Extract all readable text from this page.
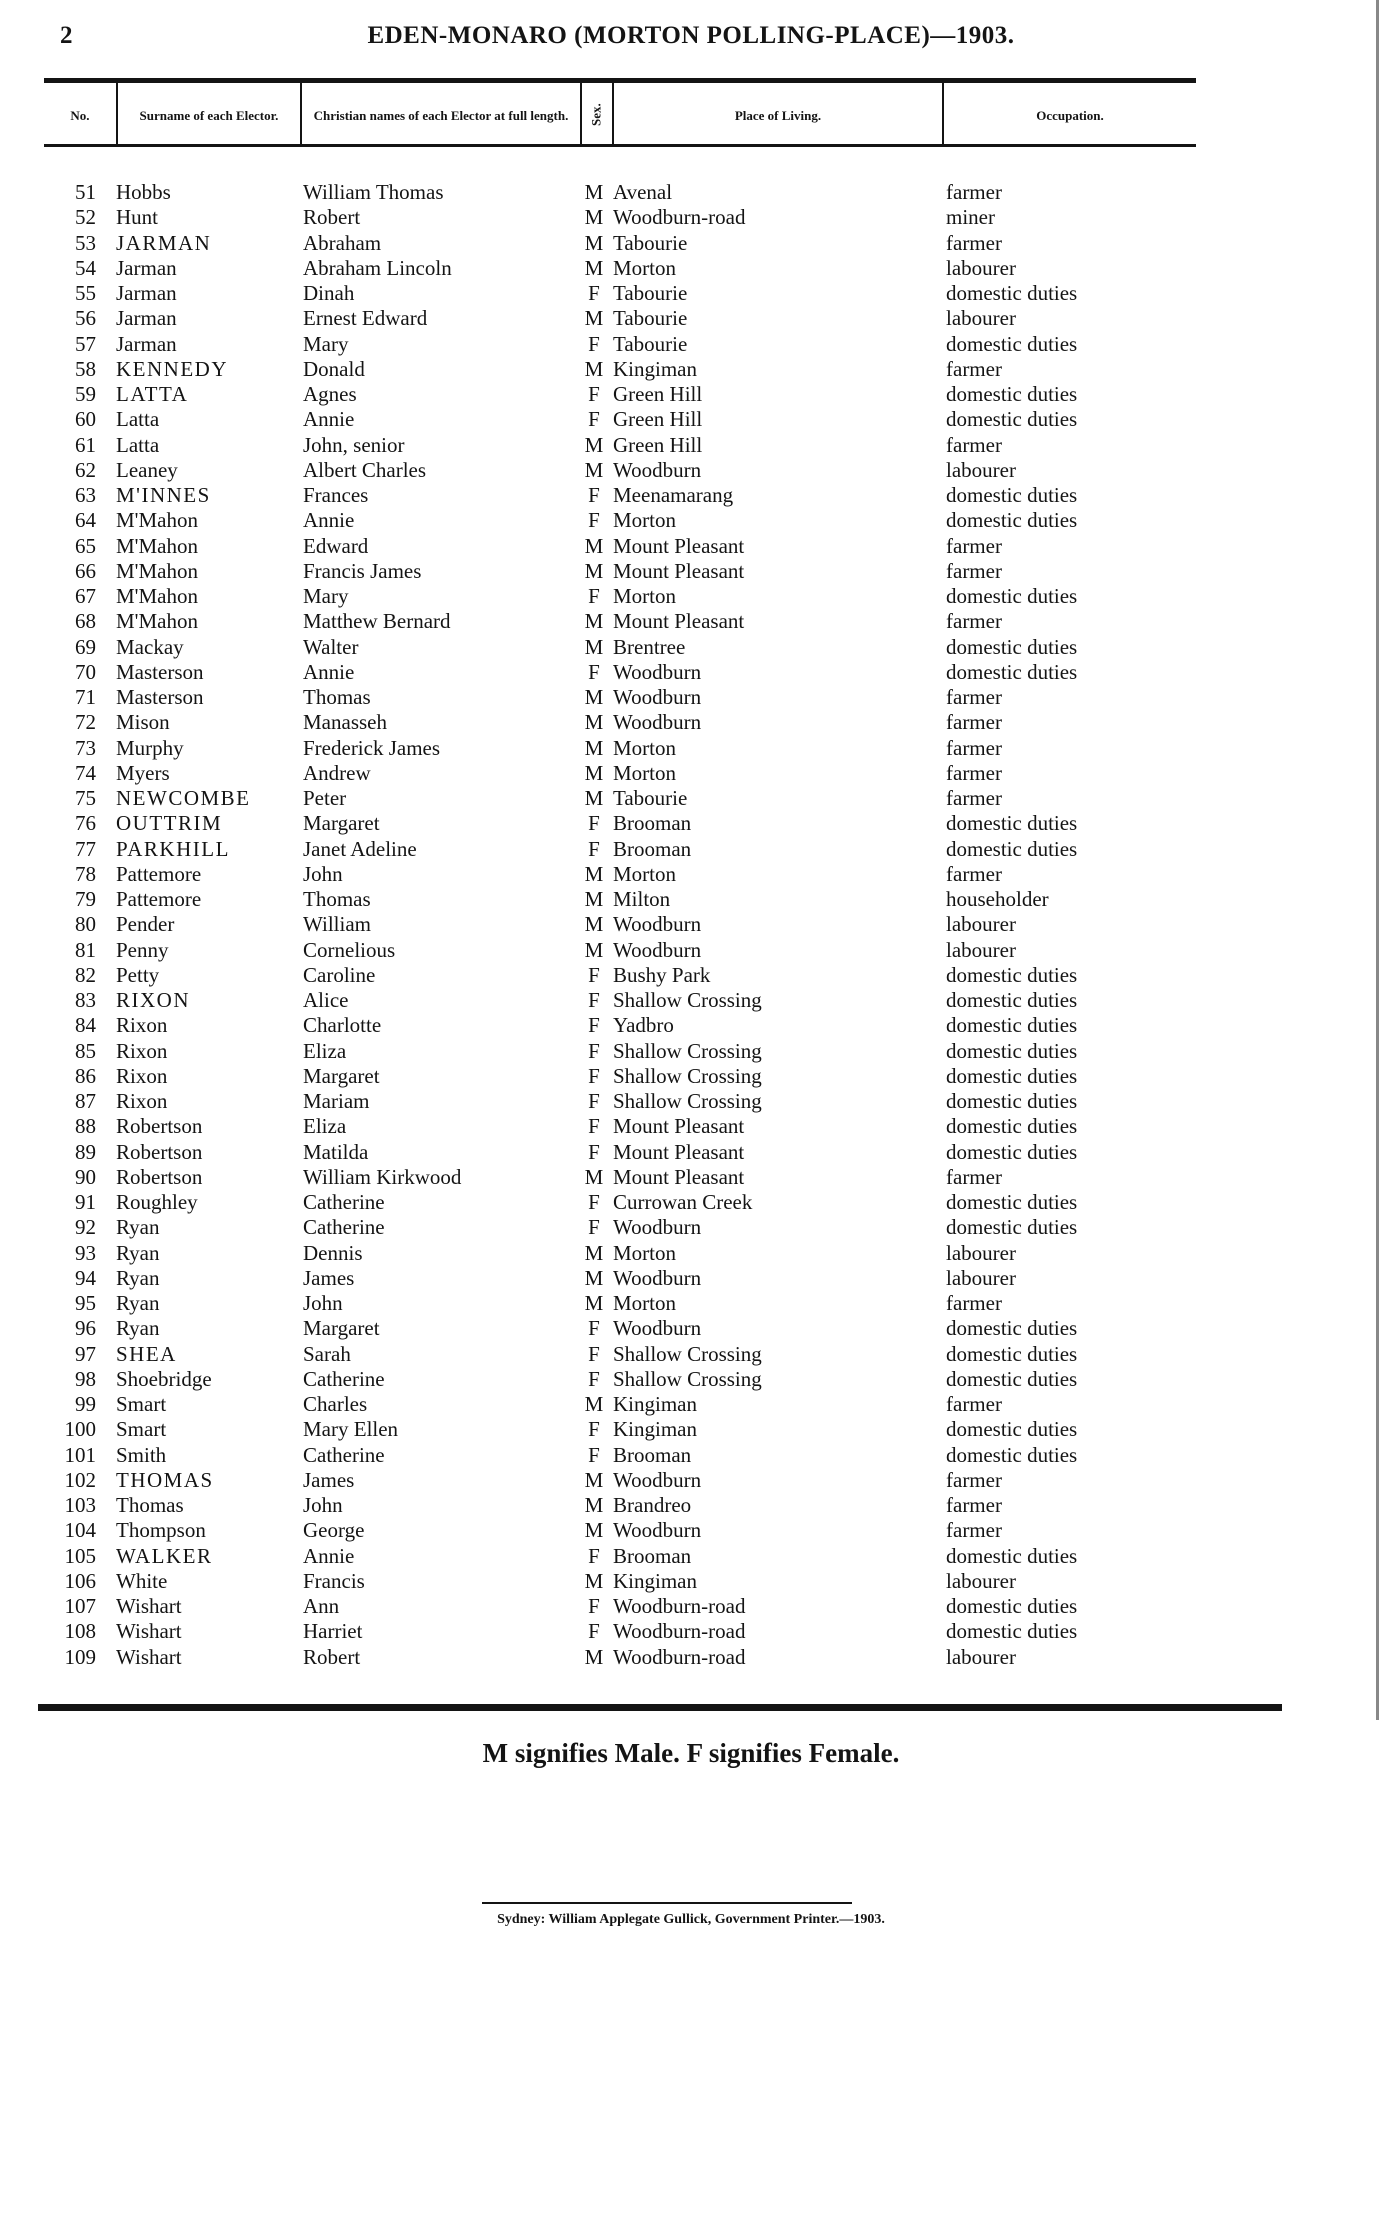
2	EDEN-MONARO (MORTON POLLING-PLACE)—1903.
No.	Surname of each Elector.	Christian names of each Elector at full length.	Sex.	Place of Living.	Occupation.
51 Hobbs	William Thomas	M Avenal	farmer
52 Hunt	Robert	M Woodburn-road	miner
53 JARMAN	Abraham	M Tabourie	farmer
54 Jarman	Abraham Lincoln	M Morton	labourer
55 Jarman	Dinah	F Tabourie	domestic duties
56 Jarman	Ernest Edward	M Tabourie	labourer
57 Jarman	Mary	F Tabourie	domestic duties
58 KENNEDY	Donald	M Kingiman	farmer
59 LATTA	Agnes	F Green Hill	domestic duties
60 Latta	Annie	F Green Hill	domestic duties
61 Latta	John, senior	M Green Hill	farmer
62 Leaney	Albert Charles	M Woodburn	labourer
63 M'INNES	Frances	F Meenamarang	domestic duties
64 M'Mahon	Annie	F Morton	domestic duties
65 M'Mahon	Edward	M Mount Pleasant	farmer
66 M'Mahon	Francis James	M Mount Pleasant	farmer
67 M'Mahon	Mary	F Morton	domestic duties
68 M'Mahon	Matthew Bernard	M Mount Pleasant	farmer
69 Mackay	Walter	M Brentree	domestic duties
70 Masterson	Annie	F Woodburn	domestic duties
71 Masterson	Thomas	M Woodburn	farmer
72 Mison	Manasseh	M Woodburn	farmer
73 Murphy	Frederick James	M Morton	farmer
74 Myers	Andrew	M Morton	farmer
75 NEWCOMBE	Peter	M Tabourie	farmer
76 OUTTRIM	Margaret	F Brooman	domestic duties
77 PARKHILL	Janet Adeline	F Brooman	domestic duties
78 Pattemore	John	M Morton	farmer
79 Pattemore	Thomas	M Milton	householder
80 Pender	William	M Woodburn	labourer
81 Penny	Cornelious	M Woodburn	labourer
82 Petty	Caroline	F Bushy Park	domestic duties
83 RIXON	Alice	F Shallow Crossing	domestic duties
84 Rixon	Charlotte	F Yadbro	domestic duties
85 Rixon	Eliza	F Shallow Crossing	domestic duties
86 Rixon	Margaret	F Shallow Crossing	domestic duties
87 Rixon	Mariam	F Shallow Crossing	domestic duties
88 Robertson	Eliza	F Mount Pleasant	domestic duties
89 Robertson	Matilda	F Mount Pleasant	domestic duties
90 Robertson	William Kirkwood	M Mount Pleasant	farmer
91 Roughley	Catherine	F Currowan Creek	domestic duties
92 Ryan	Catherine	F Woodburn	domestic duties
93 Ryan	Dennis	M Morton	labourer
94 Ryan	James	M Woodburn	labourer
95 Ryan	John	M Morton	farmer
96 Ryan	Margaret	F Woodburn	domestic duties
97 SHEA	Sarah	F Shallow Crossing	domestic duties
98 Shoebridge	Catherine	F Shallow Crossing	domestic duties
99 Smart	Charles	M Kingiman	farmer
100 Smart	Mary Ellen	F Kingiman	domestic duties
101 Smith	Catherine	F Brooman	domestic duties
102 THOMAS	James	M Woodburn	farmer
103 Thomas	John	M Brandreo	farmer
104 Thompson	George	M Woodburn	farmer
105 WALKER	Annie	F Brooman	domestic duties
106 White	Francis	M Kingiman	labourer
107 Wishart	Ann	F Woodburn-road	domestic duties
108 Wishart	Harriet	F Woodburn-road	domestic duties
109 Wishart	Robert	M Woodburn-road	labourer
M signifies Male. F signifies Female.
Sydney: William Applegate Gullick, Government Printer.—1903.
